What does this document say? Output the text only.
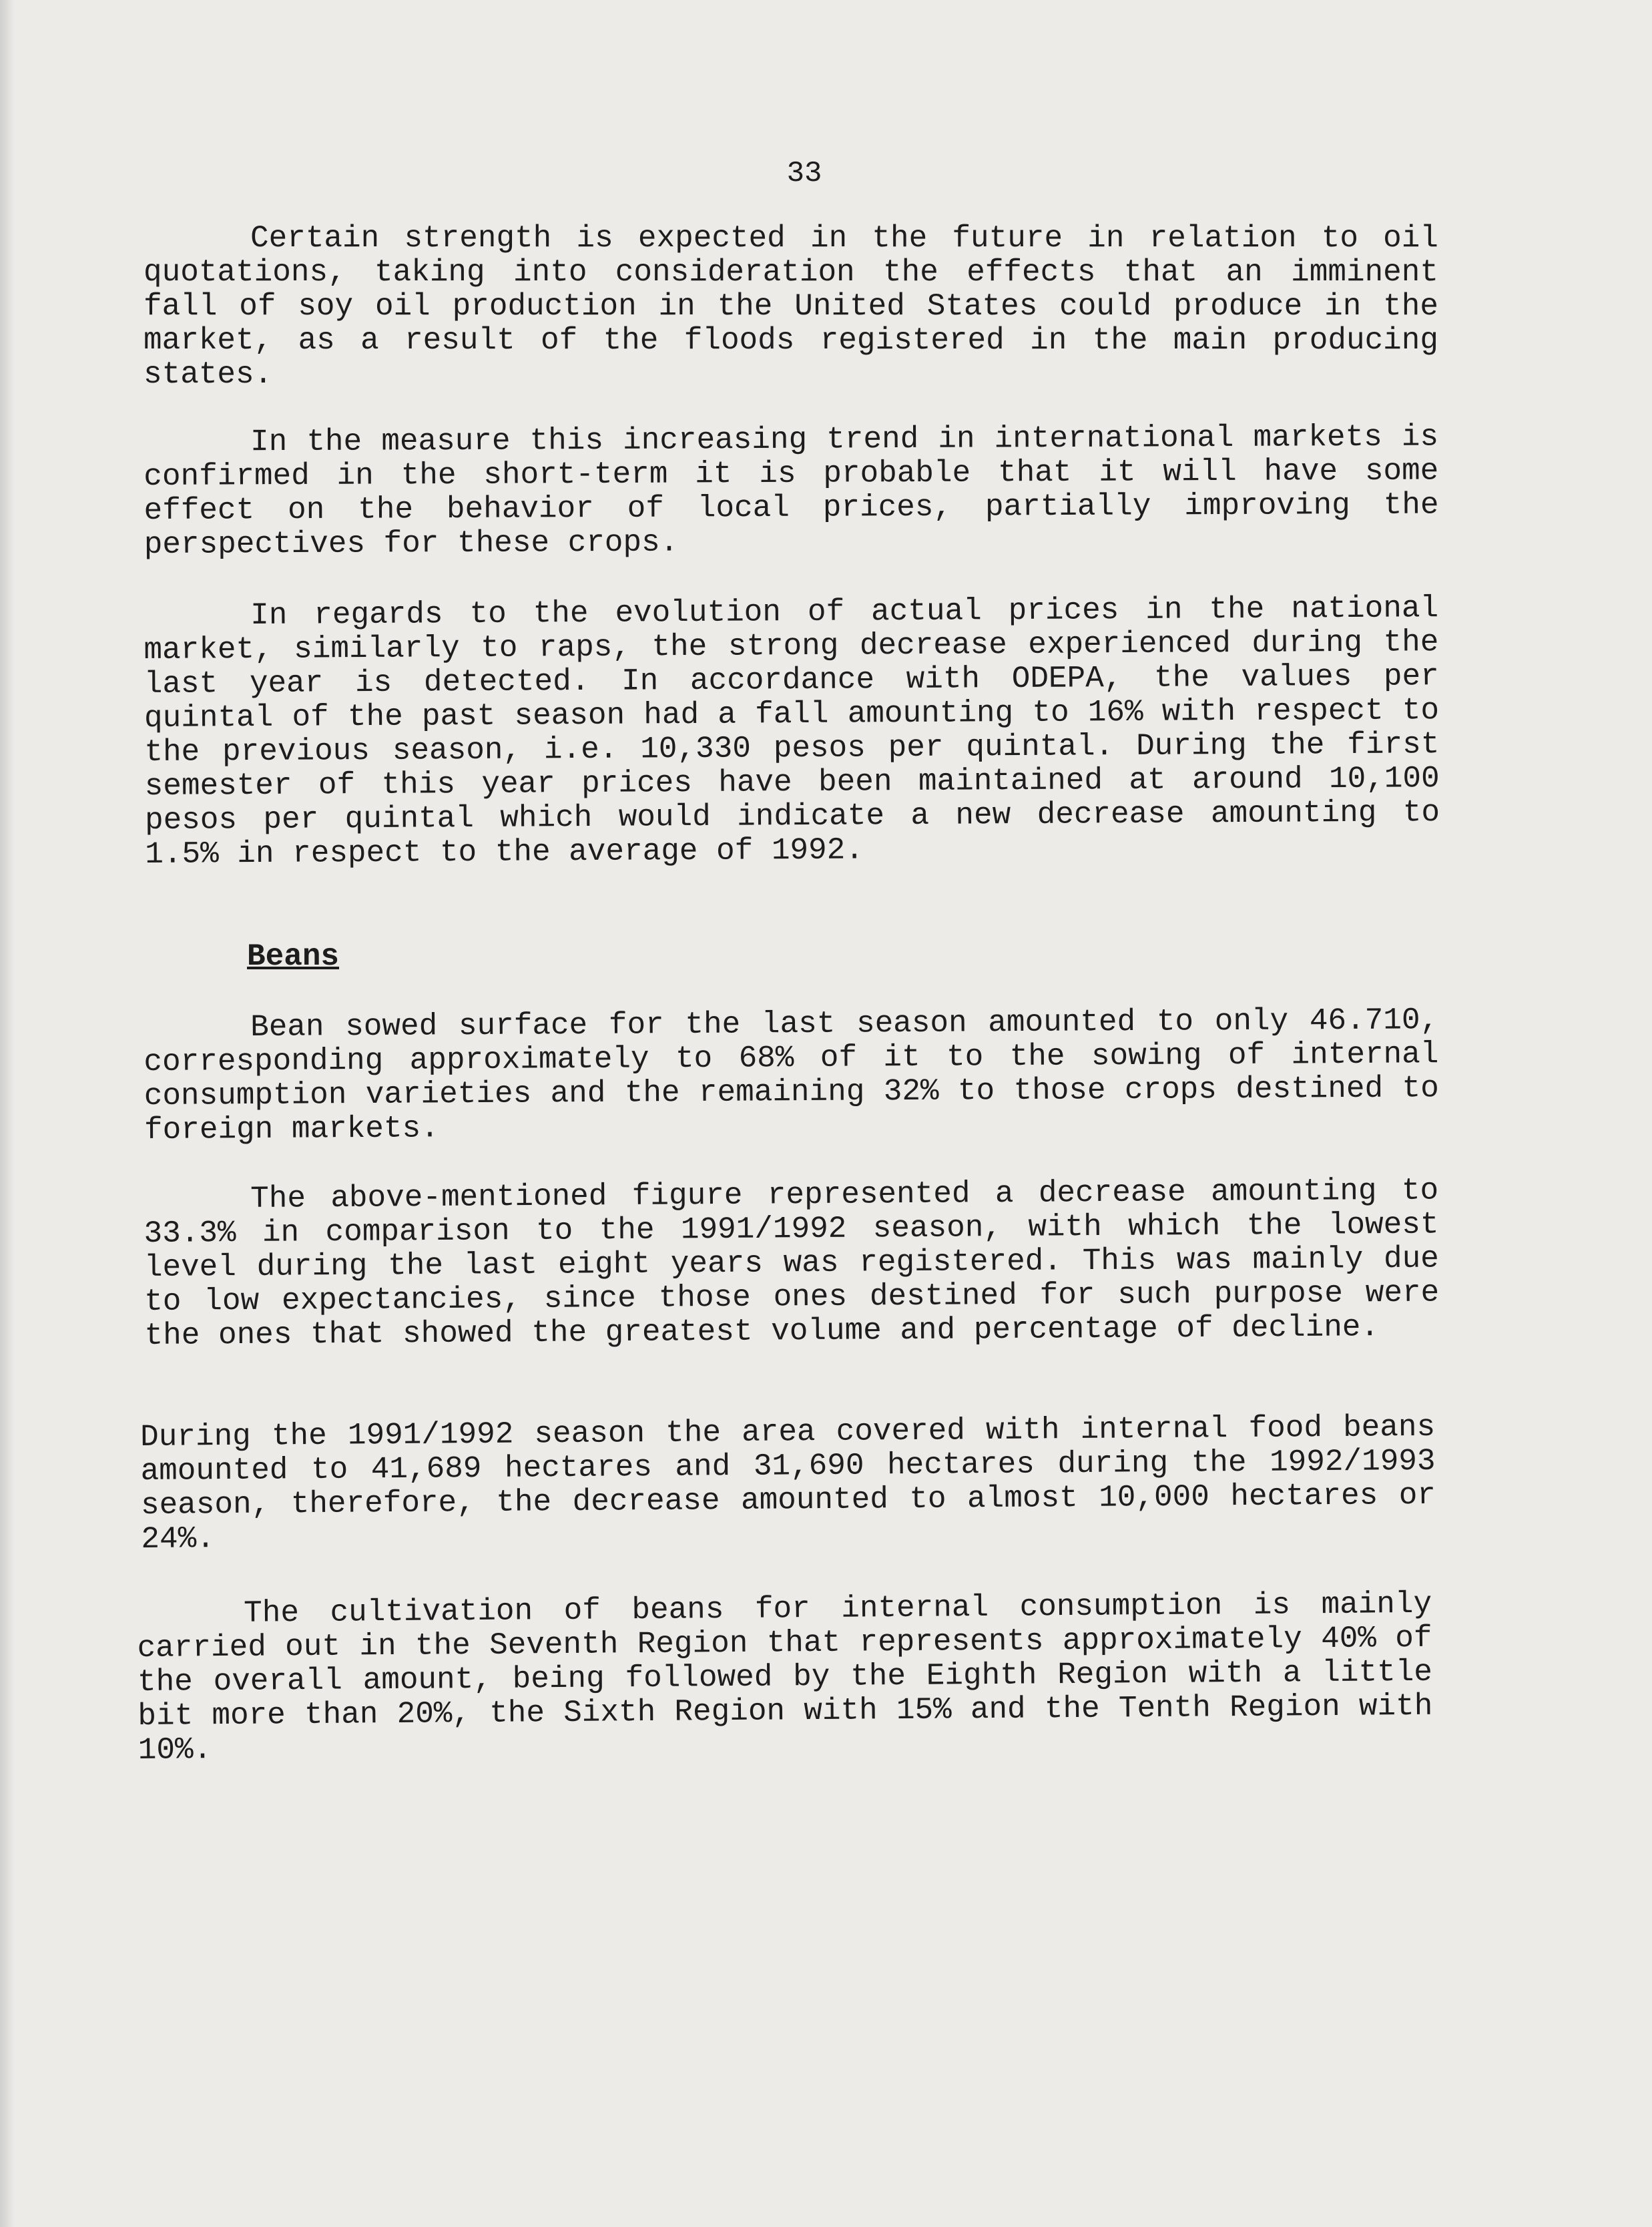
33

Certain strength is expected in the future in relation to oil quotations, taking into consideration the effects that an imminent fall of soy oil production in the United States could produce in the market, as a result of the floods registered in the main producing states.

In the measure this increasing trend in international markets is confirmed in the short-term it is probable that it will have some effect on the behavior of local prices, partially improving the perspectives for these crops.

In regards to the evolution of actual prices in the national market, similarly to raps, the strong decrease experienced during the last year is detected. In accordance with ODEPA, the values per quintal of the past season had a fall amounting to 16% with respect to the previous season, i.e. 10,330 pesos per quintal. During the first semester of this year prices have been maintained at around 10,100 pesos per quintal which would indicate a new decrease amounting to 1.5% in respect to the average of 1992.

Beans

Bean sowed surface for the last season amounted to only 46.710, corresponding approximately to 68% of it to the sowing of internal consumption varieties and the remaining 32% to those crops destined to foreign markets.

The above-mentioned figure represented a decrease amounting to 33.3% in comparison to the 1991/1992 season, with which the lowest level during the last eight years was registered. This was mainly due to low expectancies, since those ones destined for such purpose were the ones that showed the greatest volume and percentage of decline.

During the 1991/1992 season the area covered with internal food beans amounted to 41,689 hectares and 31,690 hectares during the 1992/1993 season, therefore, the decrease amounted to almost 10,000 hectares or 24%.

The cultivation of beans for internal consumption is mainly carried out in the Seventh Region that represents approximately 40% of the overall amount, being followed by the Eighth Region with a little bit more than 20%, the Sixth Region with 15% and the Tenth Region with 10%.
